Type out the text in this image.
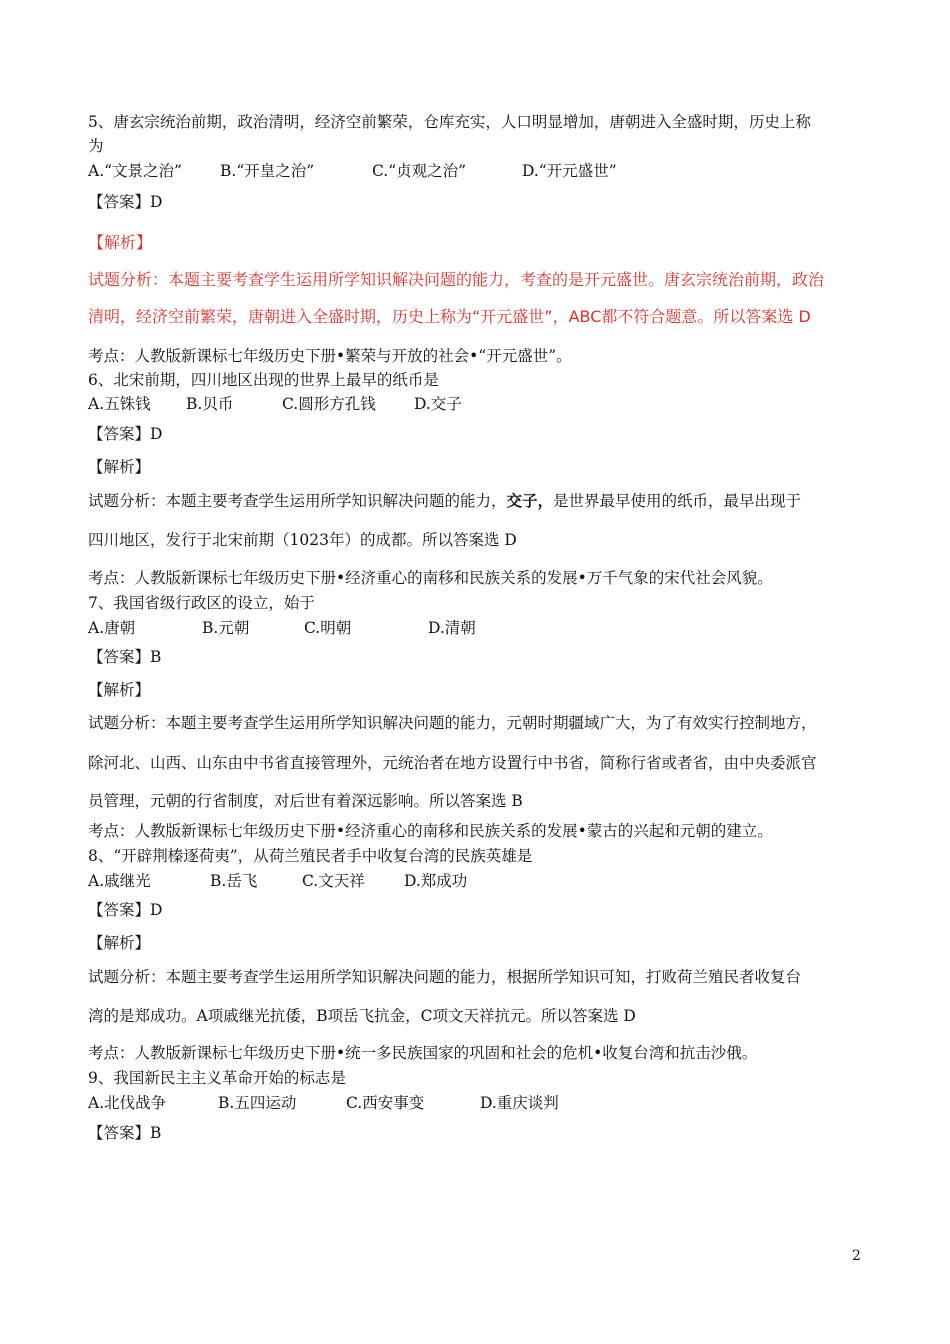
5、唐玄宗统治前期，政治清明，经济空前繁荣，仓库充实，人口明显增加，唐朝进入全盛时期，历史上称
为
A.“文景之治” B.“开皇之治”	C.“贞观之治”	D.“开元盛世”
【答案】D
【解析】
试题分析：本题主要考查学生运用所学知识解决问题的能力，考查的是开元盛世。唐玄宗统治前期，政治
清明，经济空前繁荣，唐朝进入全盛时期，历史上称为“开元盛世”，ABC都不符合题意。所以答案选 D
考点：人教版新课标七年级历史下册•繁荣与开放的社会•“开元盛世”。
6、北宋前期，四川地区出现的世界上最早的纸币是
A.五铢钱 B.贝币	C.圆形方孔钱 D.交子
【答案】D
【解析】
试题分析：本题主要考查学生运用所学知识解决问题的能力，交子，是世界最早使用的纸币，最早出现于
四川地区，发行于北宋前期（1023年）的成都。所以答案选 D
考点：人教版新课标七年级历史下册•经济重心的南移和民族关系的发展•万千气象的宋代社会风貌。
7、我国省级行政区的设立，始于
A.唐朝	B.元朝	C.明朝	D.清朝
【答案】B
【解析】
试题分析：本题主要考查学生运用所学知识解决问题的能力，元朝时期疆域广大，为了有效实行控制地方，
除河北、山西、山东由中书省直接管理外，元统治者在地方设置行中书省，简称行省或者省，由中央委派官
员管理，元朝的行省制度，对后世有着深远影响。所以答案选 B
考点：人教版新课标七年级历史下册•经济重心的南移和民族关系的发展•蒙古的兴起和元朝的建立。
8、“开辟荆榛逐荷夷”，从荷兰殖民者手中收复台湾的民族英雄是
A.戚继光	B.岳飞	C.文天祥	D.郑成功
【答案】D
【解析】
试题分析：本题主要考查学生运用所学知识解决问题的能力，根据所学知识可知，打败荷兰殖民者收复台
湾的是郑成功。A项戚继光抗倭，B项岳飞抗金，C项文天祥抗元。所以答案选 D
考点：人教版新课标七年级历史下册•统一多民族国家的巩固和社会的危机•收复台湾和抗击沙俄。
9、我国新民主主义革命开始的标志是
A.北伐战争	B.五四运动	C.西安事变	D.重庆谈判
【答案】B
2
